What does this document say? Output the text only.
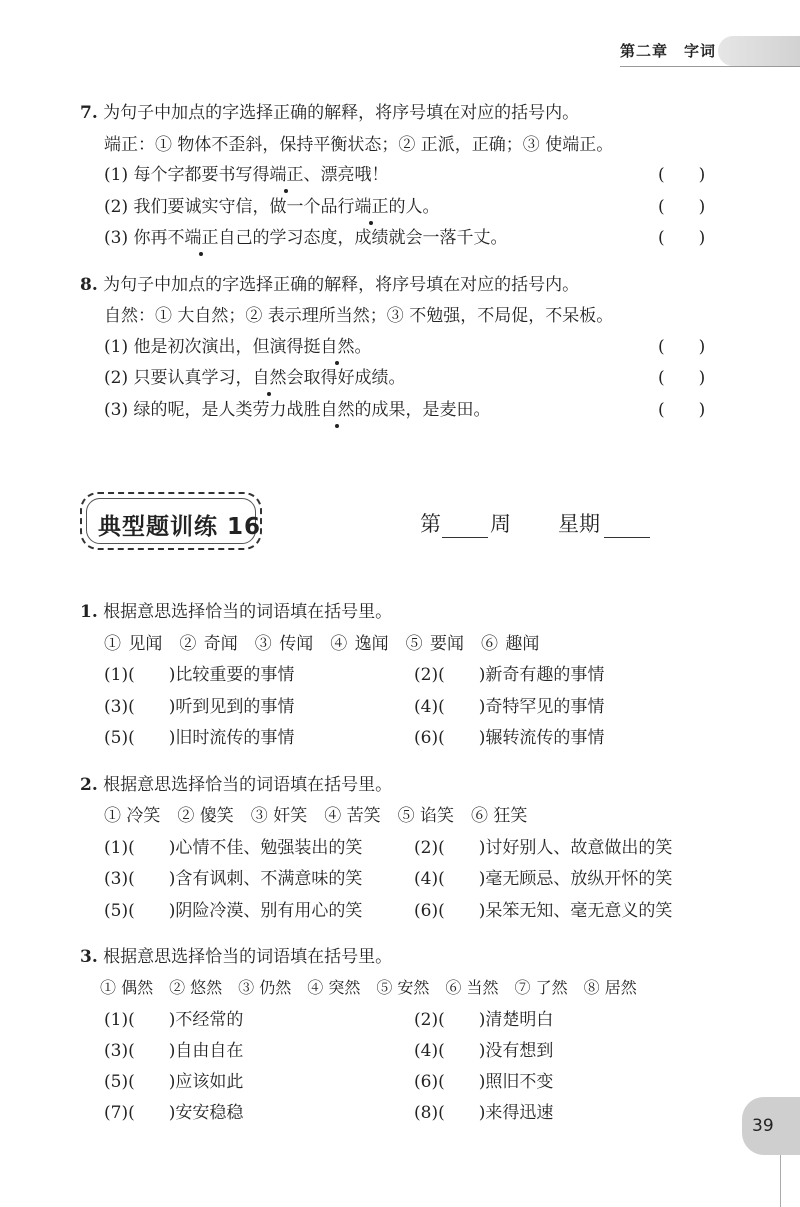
第二章　字词
7. 为句子中加点的字选择正确的解释，将序号填在对应的括号内。
端正：① 物体不歪斜，保持平衡状态；② 正派，正确；③ 使端正。
(1) 每个字都要书写得端正、漂亮哦！	(　　)
(2) 我们要诚实守信，做一个品行端正的人。	(　　)
(3) 你再不端正自己的学习态度，成绩就会一落千丈。	(　　)
8. 为句子中加点的字选择正确的解释，将序号填在对应的括号内。
自然：① 大自然；② 表示理所当然；③ 不勉强，不局促，不呆板。
(1) 他是初次演出，但演得挺自然。	(　　)
(2) 只要认真学习，自然会取得好成绩。	(　　)
(3) 绿的呢，是人类劳力战胜自然的成果，是麦田。	(　　)
典型题训练 16	第 周 星期
1. 根据意思选择恰当的词语填在括号里。
① 见闻　② 奇闻　③ 传闻　④ 逸闻　⑤ 要闻　⑥ 趣闻
(1)(　　)比较重要的事情	(2)(　　)新奇有趣的事情
(3)(　　)听到见到的事情	(4)(　　)奇特罕见的事情
(5)(　　)旧时流传的事情	(6)(　　)辗转流传的事情
2. 根据意思选择恰当的词语填在括号里。
① 冷笑　② 傻笑　③ 奸笑　④ 苦笑　⑤ 谄笑　⑥ 狂笑
(1)(　　)心情不佳、勉强装出的笑	(2)(　　)讨好别人、故意做出的笑
(3)(　　)含有讽刺、不满意味的笑	(4)(　　)毫无顾忌、放纵开怀的笑
(5)(　　)阴险冷漠、别有用心的笑	(6)(　　)呆笨无知、毫无意义的笑
3. 根据意思选择恰当的词语填在括号里。
① 偶然　② 悠然　③ 仍然　④ 突然　⑤ 安然　⑥ 当然　⑦ 了然　⑧ 居然
(1)(　　)不经常的	(2)(　　)清楚明白
(3)(　　)自由自在	(4)(　　)没有想到
(5)(　　)应该如此	(6)(　　)照旧不变
(7)(　　)安安稳稳	(8)(　　)来得迅速
39
